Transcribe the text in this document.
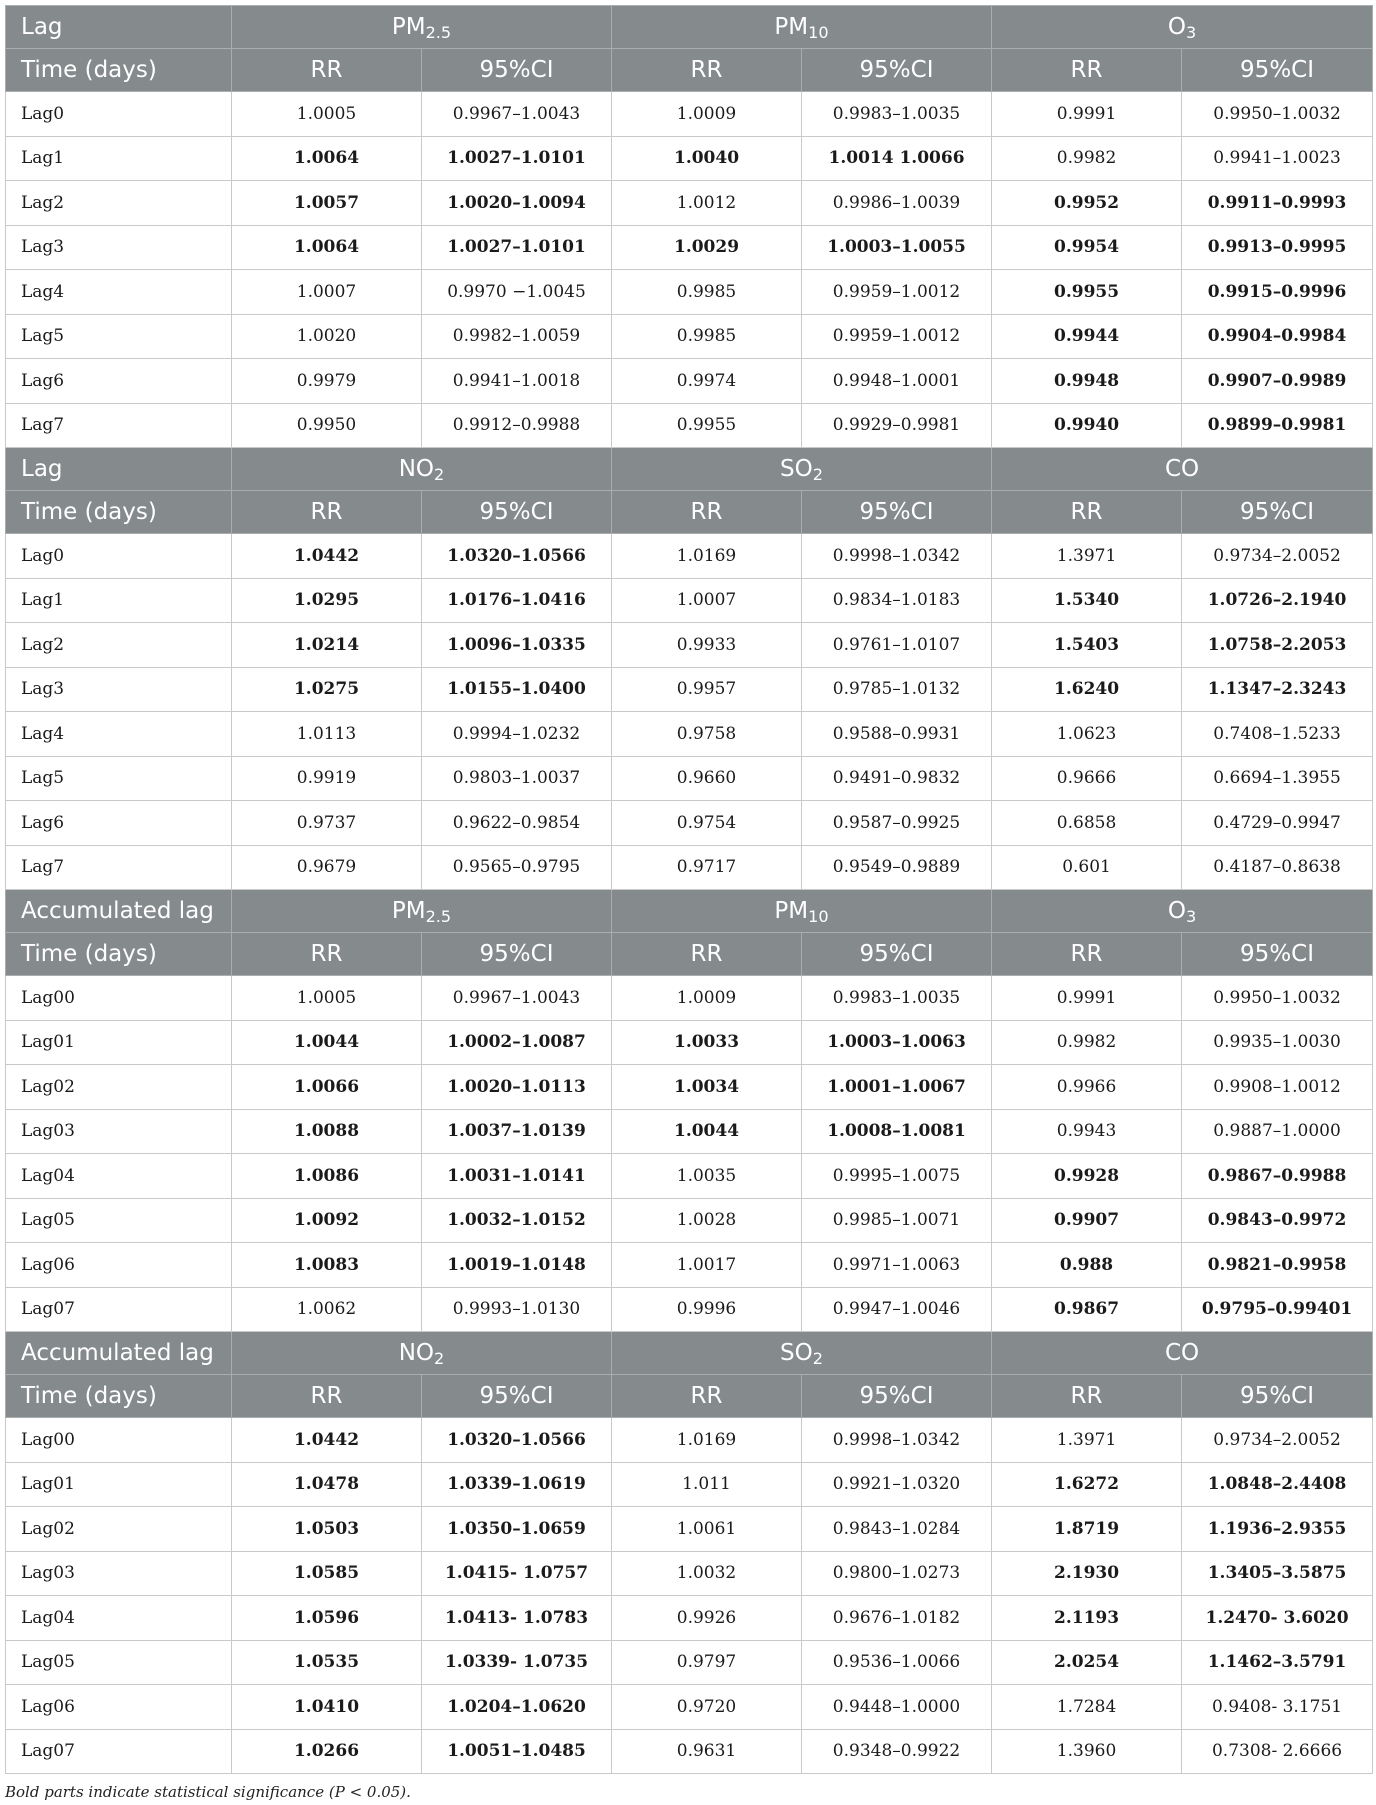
Lag	$PM_{2.5}$		$PM_{10}$		$O_3$
Time (days)	RR	95%CI	RR	95%CI	RR	95%CI
Lag0	1.0005	0.9967–1.0043	1.0009	0.9983–1.0035	0.9991	0.9950–1.0032
Lag1	1.0064	1.0027–1.0101	1.0040	1.0014 1.0066	0.9982	0.9941–1.0023
Lag2	1.0057	1.0020–1.0094	1.0012	0.9986–1.0039	0.9952	0.9911–0.9993
Lag3	1.0064	1.0027–1.0101	1.0029	1.0003–1.0055	0.9954	0.9913–0.9995
Lag4	1.0007	0.9970 −1.0045	0.9985	0.9959–1.0012	0.9955	0.9915–0.9996
Lag5	1.0020	0.9982–1.0059	0.9985	0.9959–1.0012	0.9944	0.9904–0.9984
Lag6	0.9979	0.9941–1.0018	0.9974	0.9948–1.0001	0.9948	0.9907–0.9989
Lag7	0.9950	0.9912–0.9988	0.9955	0.9929–0.9981	0.9940	0.9899–0.9981
Lag	$NO_2$		$SO_2$		CO	
Time (days)	RR	95%CI	RR	95%CI	RR	95%CI
Lag0	1.0442	1.0320–1.0566	1.0169	0.9998–1.0342	1.3971	0.9734–2.0052
Lag1	1.0295	1.0176–1.0416	1.0007	0.9834–1.0183	1.5340	1.0726–2.1940
Lag2	1.0214	1.0096–1.0335	0.9933	0.9761–1.0107	1.5403	1.0758–2.2053
Lag3	1.0275	1.0155–1.0400	0.9957	0.9785–1.0132	1.6240	1.1347–2.3243
Lag4	1.0113	0.9994–1.0232	0.9758	0.9588–0.9931	1.0623	0.7408–1.5233
Lag5	0.9919	0.9803–1.0037	0.9660	0.9491–0.9832	0.9666	0.6694–1.3955
Lag6	0.9737	0.9622–0.9854	0.9754	0.9587–0.9925	0.6858	0.4729–0.9947
Lag7	0.9679	0.9565–0.9795	0.9717	0.9549–0.9889	0.601	0.4187–0.8638
Accumulated lag	$PM_{2.5}$		$PM_{10}$		$O_3$
Time (days)	RR	95%CI	RR	95%CI	RR	95%CI
Lag00	1.0005	0.9967–1.0043	1.0009	0.9983–1.0035	0.9991	0.9950–1.0032
Lag01	1.0044	1.0002–1.0087	1.0033	1.0003–1.0063	0.9982	0.9935–1.0030
Lag02	1.0066	1.0020–1.0113	1.0034	1.0001–1.0067	0.9966	0.9908–1.0012
Lag03	1.0088	1.0037–1.0139	1.0044	1.0008–1.0081	0.9943	0.9887–1.0000
Lag04	1.0086	1.0031–1.0141	1.0035	0.9995–1.0075	0.9928	0.9867–0.9988
Lag05	1.0092	1.0032–1.0152	1.0028	0.9985–1.0071	0.9907	0.9843–0.9972
Lag06	1.0083	1.0019–1.0148	1.0017	0.9971–1.0063	0.988	0.9821–0.9958
Lag07	1.0062	0.9993–1.0130	0.9996	0.9947–1.0046	0.9867	0.9795–0.99401
Accumulated lag	$NO_2$		$SO_2$		CO	
Time (days)	RR	95%CI	RR	95%CI	RR	95%CI
Lag00	1.0442	1.0320–1.0566	1.0169	0.9998–1.0342	1.3971	0.9734–2.0052
Lag01	1.0478	1.0339–1.0619	1.011	0.9921–1.0320	1.6272	1.0848–2.4408
Lag02	1.0503	1.0350–1.0659	1.0061	0.9843–1.0284	1.8719	1.1936–2.9355
Lag03	1.0585	1.0415- 1.0757	1.0032	0.9800–1.0273	2.1930	1.3405–3.5875
Lag04	1.0596	1.0413- 1.0783	0.9926	0.9676–1.0182	2.1193	1.2470- 3.6020
Lag05	1.0535	1.0339- 1.0735	0.9797	0.9536–1.0066	2.0254	1.1462–3.5791
Lag06	1.0410	1.0204–1.0620	0.9720	0.9448–1.0000	1.7284	0.9408- 3.1751
Lag07	1.0266	1.0051–1.0485	0.9631	0.9348–0.9922	1.3960	0.7308- 2.6666
Bold parts indicate statistical significance (P < 0.05).
